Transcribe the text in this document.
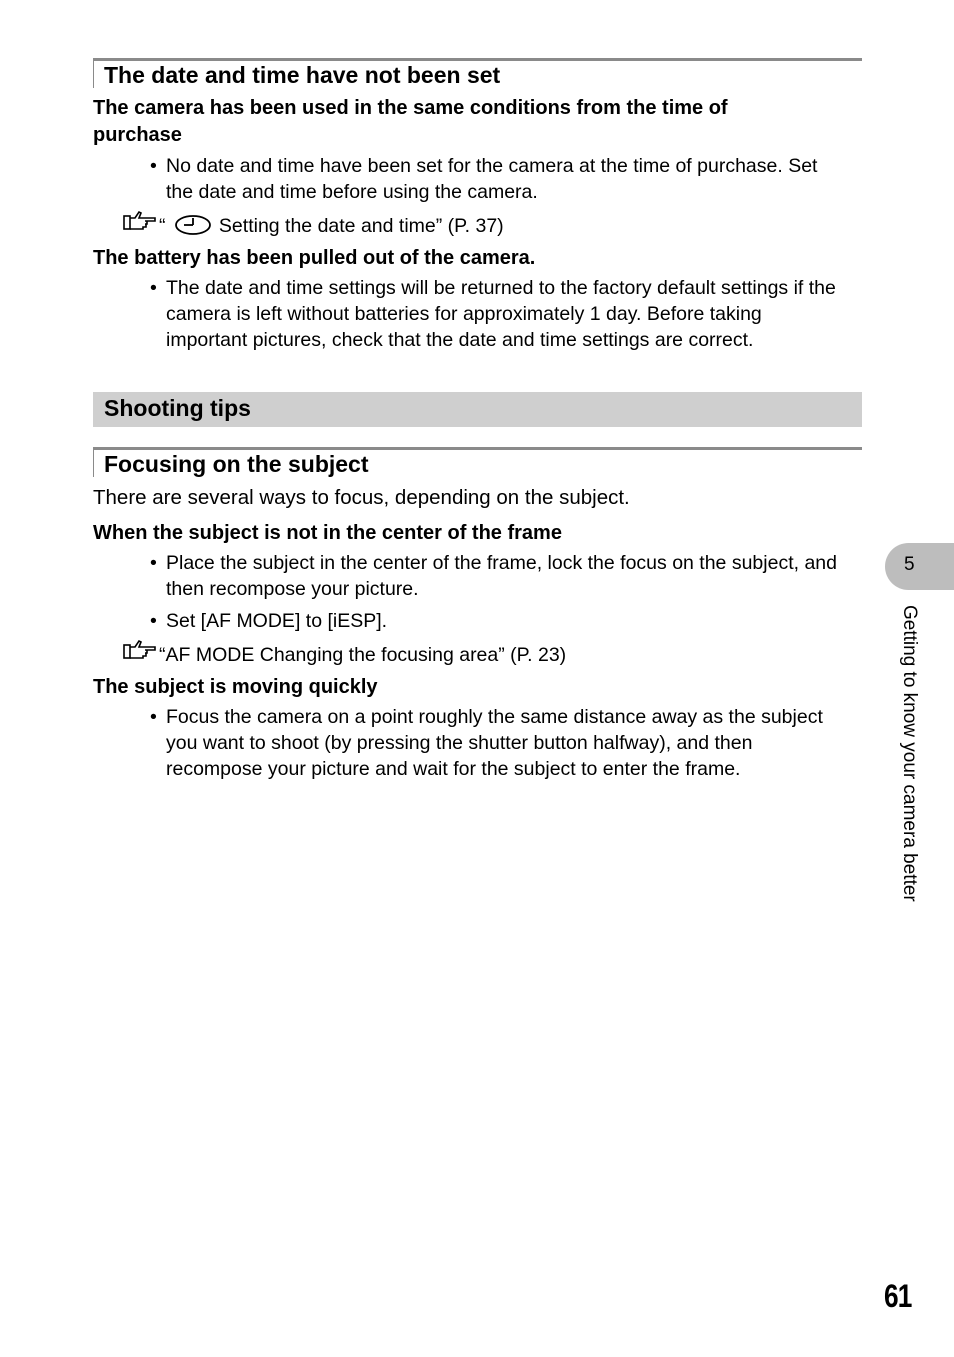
The date and time have not been set
The camera has been used in the same conditions from the time of
purchase
• No date and time have been set for the camera at the time of purchase. Set
the date and time before using the camera.
“	Setting the date and time” (P. 37)
The battery has been pulled out of the camera.
• The date and time settings will be returned to the factory default settings if the
camera is left without batteries for approximately 1 day. Before taking
important pictures, check that the date and time settings are correct.
Shooting tips
Focusing on the subject
There are several ways to focus, depending on the subject.
When the subject is not in the center of the frame
• Place the subject in the center of the frame, lock the focus on the subject, and
then recompose your picture.
• Set [AF MODE] to [iESP].
“AF MODE Changing the focusing area” (P. 23)
The subject is moving quickly
• Focus the camera on a point roughly the same distance away as the subject
you want to shoot (by pressing the shutter button halfway), and then
recompose your picture and wait for the subject to enter the frame.
5
Getting to know your camera better
61
